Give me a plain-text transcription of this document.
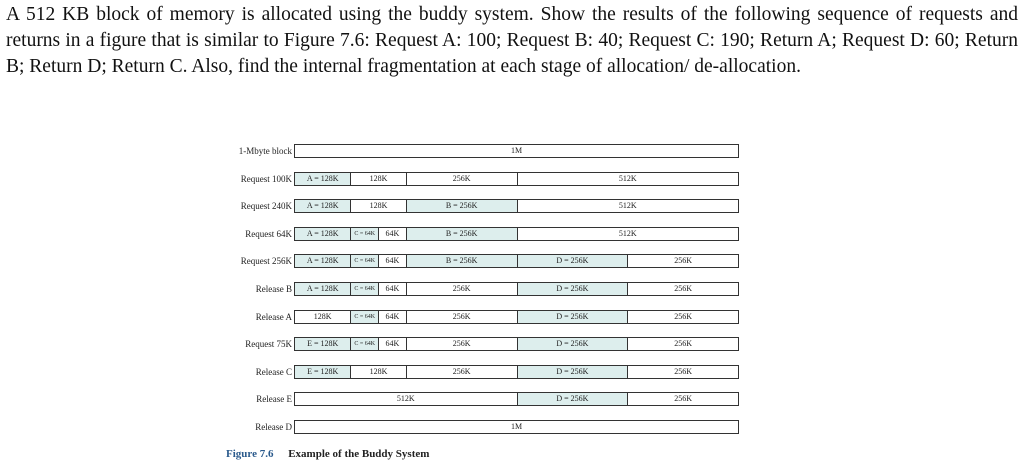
A 512 KB block of memory is allocated using the buddy system. Show the results of the following sequence of requests and returns in a figure that is similar to Figure 7.6: Request A: 100; Request B: 40; Request C: 190; Return A; Request D: 60; Return B; Return D; Return C. Also, find the internal fragmentation at each stage of allocation/ de-allocation.
1-Mbyte block	1M
Request 100K	A = 128K	128K	256K	512K
Request 240K	A = 128K	128K	B = 256K	512K
Request 64K	A = 128K	C = 64K	64K	B = 256K	512K
Request 256K	A = 128K	C = 64K	64K	B = 256K	D = 256K	256K
Release B	A = 128K	C = 64K	64K	256K	D = 256K	256K
Release A	128K	C = 64K	64K	256K	D = 256K	256K
Request 75K	E = 128K	C = 64K	64K	256K	D = 256K	256K
Release C	E = 128K	128K	256K	D = 256K	256K
Release E	512K	D = 256K	256K
Release D	1M
Figure 7.6 Example of the Buddy System
